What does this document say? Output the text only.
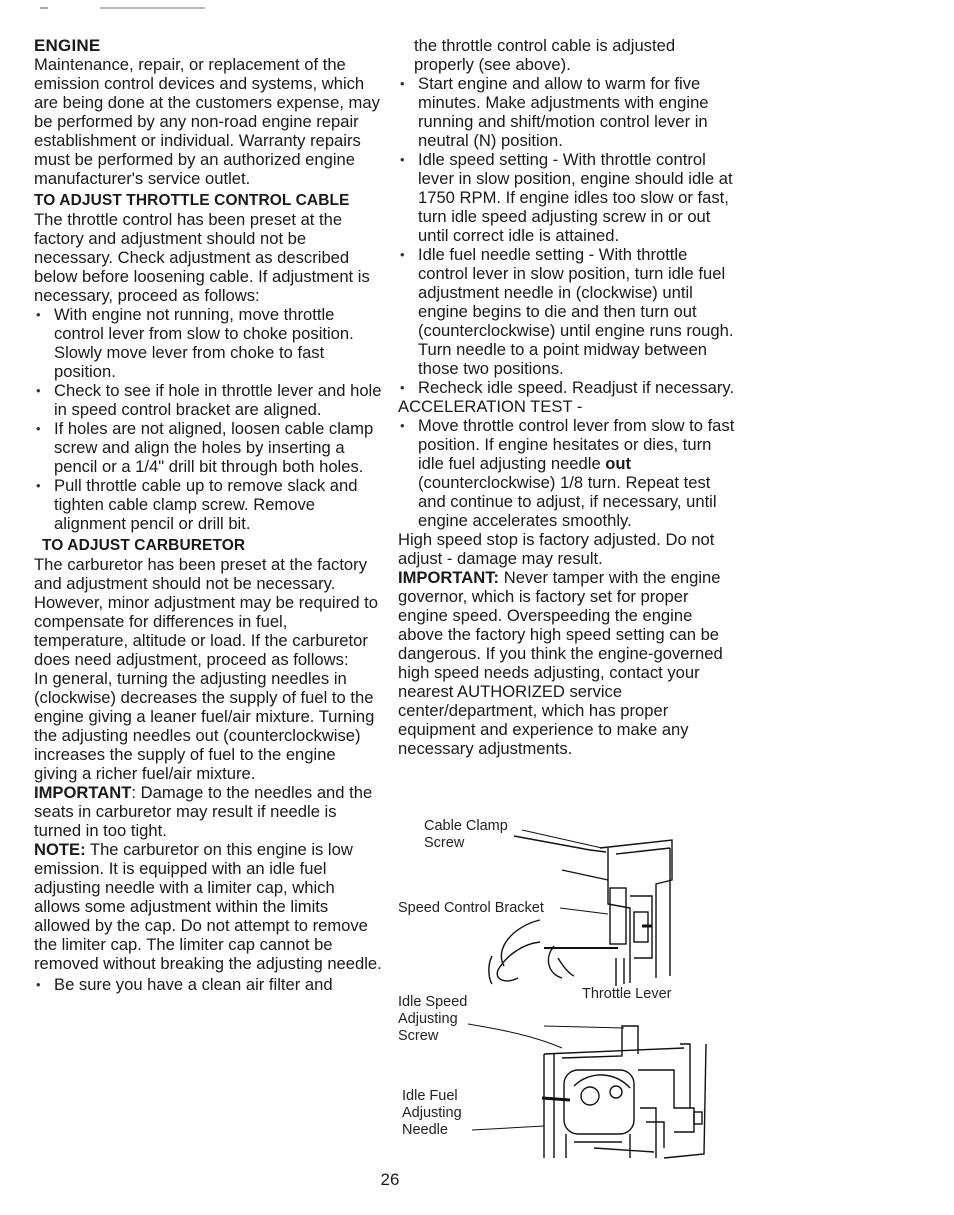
ENGINE

Maintenance, repair, or replacement of the emission control devices and systems, which are being done at the customers expense, may be performed by any non-road engine repair establishment or individual. Warranty repairs must be performed by an authorized engine manufacturer's service outlet.

TO ADJUST THROTTLE CONTROL CABLE

The throttle control has been preset at the factory and adjustment should not be necessary. Check adjustment as described below before loosening cable. If adjustment is necessary, proceed as follows:

• With engine not running, move throttle control lever from slow to choke position. Slowly move lever from choke to fast position.
• Check to see if hole in throttle lever and hole in speed control bracket are aligned.
• If holes are not aligned, loosen cable clamp screw and align the holes by inserting a pencil or a 1/4" drill bit through both holes.
• Pull throttle cable up to remove slack and tighten cable clamp screw. Remove alignment pencil or drill bit.
TO ADJUST CARBURETOR

The carburetor has been preset at the factory and adjustment should not be necessary. However, minor adjustment may be required to compensate for differences in fuel, temperature, altitude or load. If the carburetor does need adjustment, proceed as follows:

In general, turning the adjusting needles in (clockwise) decreases the supply of fuel to the engine giving a leaner fuel/air mixture. Turning the adjusting needles out (counterclockwise) increases the supply of fuel to the engine giving a richer fuel/air mixture.

IMPORTANT: Damage to the needles and the seats in carburetor may result if needle is turned in too tight.

NOTE: The carburetor on this engine is low emission. It is equipped with an idle fuel adjusting needle with a limiter cap, which allows some adjustment within the limits allowed by the cap. Do not attempt to remove the limiter cap. The limiter cap cannot be removed without breaking the adjusting needle.

• Be sure you have a clean air filter and

the throttle control cable is adjusted properly (see above).

• Start engine and allow to warm for five minutes. Make adjustments with engine running and shift/motion control lever in neutral (N) position.
• Idle speed setting - With throttle control lever in slow position, engine should idle at 1750 RPM. If engine idles too slow or fast, turn idle speed adjusting screw in or out until correct idle is attained.
• Idle fuel needle setting - With throttle control lever in slow position, turn idle fuel adjustment needle in (clockwise) until engine begins to die and then turn out (counterclockwise) until engine runs rough. Turn needle to a point midway between those two positions.
• Recheck idle speed. Readjust if necessary.

ACCELERATION TEST -

• Move throttle control lever from slow to fast position. If engine hesitates or dies, turn idle fuel adjusting needle out (counterclockwise) 1/8 turn. Repeat test and continue to adjust, if necessary, until engine accelerates smoothly.

High speed stop is factory adjusted. Do not adjust - damage may result.

IMPORTANT: Never tamper with the engine governor, which is factory set for proper engine speed. Overspeeding the engine above the factory high speed setting can be dangerous. If you think the engine-governed high speed needs adjusting, contact your nearest AUTHORIZED service center/department, which has proper equipment and experience to make any necessary adjustments.

Cable Clamp
Screw
Speed Control Bracket
Idle Speed
Adjusting
Screw
Throttle Lever
Idle Fuel
Adjusting
Needle
26
